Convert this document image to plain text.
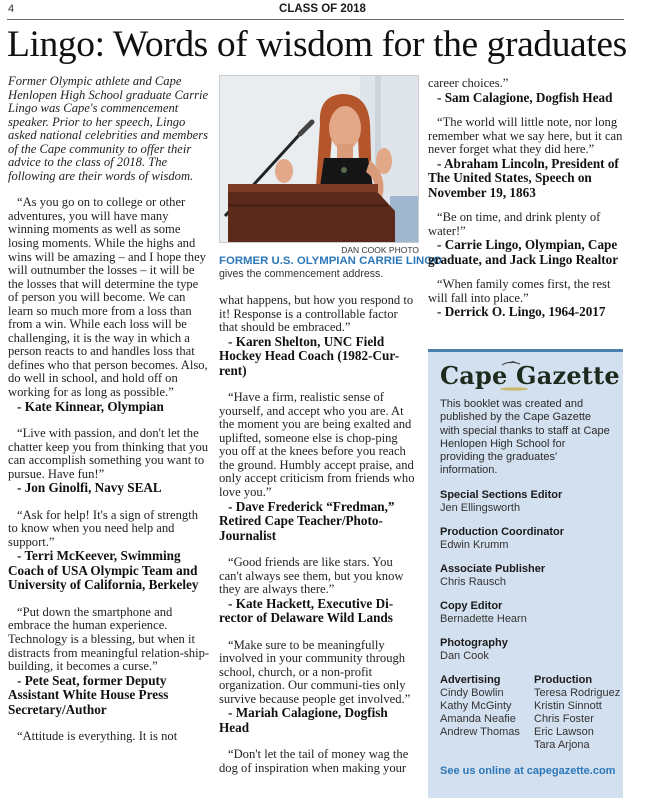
4	CLASS OF 2018
Lingo: Words of wisdom for the graduates

Former Olympic athlete and Cape Henlopen High School graduate Carrie Lingo was Cape's commencement speaker. Prior to her speech, Lingo asked national celebrities and members of the Cape community to offer their advice to the class of 2018. The following are their words of wisdom.

“As you go on to college or other adventures, you will have many winning moments as well as some losing moments. While the highs and wins will be amazing – and I hope they will outnumber the losses – it will be the losses that will determine the type of person you will become. We can learn so much more from a loss than from a win. While each loss will be challenging, it is the way in which a person reacts to and handles loss that defines who that person becomes. Also, do well in school, and hold off on working for as long as possible.”

- Kate Kinnear, Olympian

“Live with passion, and don't let the chatter keep you from thinking that you can accomplish something you want to pursue. Have fun!”

- Jon Ginolfi, Navy SEAL

“Ask for help! It's a sign of strength to know when you need help and support.”

- Terri McKeever, Swimming Coach of USA Olympic Team and University of California, Berkeley

“Put down the smartphone and embrace the human experience. Technology is a blessing, but when it distracts from meaningful relation-ship-building, it becomes a curse.”

- Pete Seat, former Deputy Assistant White House Press Secretary/Author

“Attitude is everything. It is not

DAN COOK PHOTO
FORMER U.S. OLYMPIAN CARRIE LINGO
gives the commencement address.

what happens, but how you respond to it! Response is a controllable factor that should be embraced.”

- Karen Shelton, UNC Field Hockey Head Coach (1982-Cur-rent)

“Have a firm, realistic sense of yourself, and accept who you are. At the moment you are being exalted and uplifted, someone else is chop-ping you off at the knees before you reach the ground. Humbly accept praise, and only accept criticism from friends who love you.”

- Dave Frederick “Fredman,” Retired Cape Teacher/Photo-Journalist

“Good friends are like stars. You can't always see them, but you know they are always there.”

- Kate Hackett, Executive Di-rector of Delaware Wild Lands

“Make sure to be meaningfully involved in your community through school, church, or a non-profit organization. Our communi-ties only survive because people get involved.”

- Mariah Calagione, Dogfish Head

“Don't let the tail of money wag the dog of inspiration when making your

career choices.”

- Sam Calagione, Dogfish Head

“The world will little note, nor long remember what we say here, but it can never forget what they did here.”

- Abraham Lincoln, President of The United States, Speech on November 19, 1863

“Be on time, and drink plenty of water!”

- Carrie Lingo, Olympian, Cape graduate, and Jack Lingo Realtor

“When family comes first, the rest will fall into place.”

- Derrick O. Lingo, 1964-2017

Cape Gazette

This booklet was created and published by the Cape Gazette with special thanks to staff at Cape Henlopen High School for providing the graduates' information.

Special Sections Editor
Jen Ellingsworth
Production Coordinator
Edwin Krumm
Associate Publisher
Chris Rausch
Copy Editor
Bernadette Hearn
Photography
Dan Cook
Advertising
Cindy Bowlin
Kathy McGinty
Amanda Neafie
Andrew Thomas
Production
Teresa Rodriguez
Kristin Sinnott
Chris Foster
Eric Lawson
Tara Arjona
See us online at capegazette.com
